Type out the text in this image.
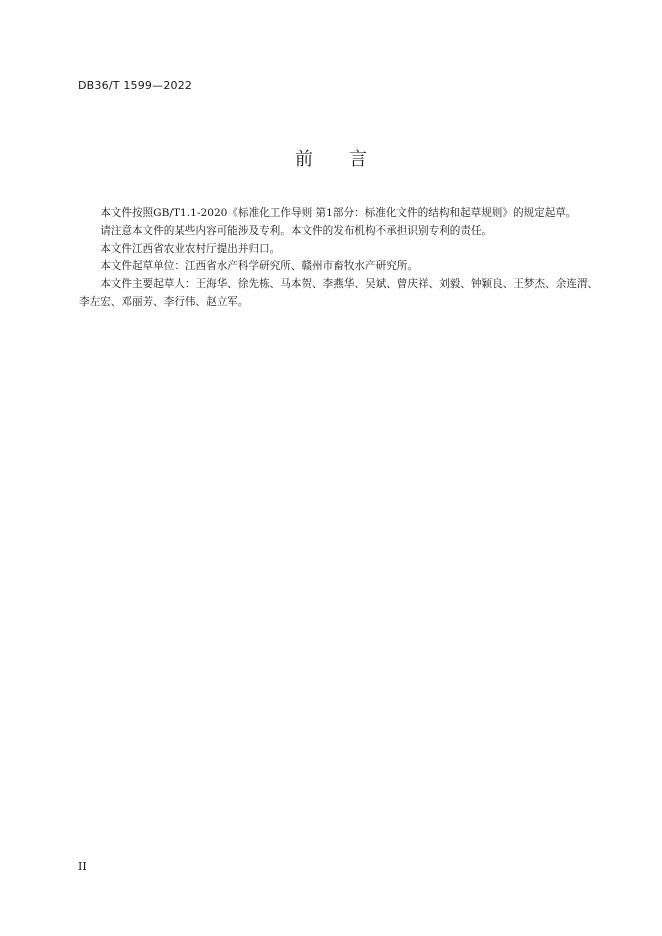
DB36/T 1599—2022
前 言

本文件按照GB/T1.1-2020《标准化工作导则 第1部分：标准化文件的结构和起草规则》的规定起草。

请注意本文件的某些内容可能涉及专利。本文件的发布机构不承担识别专利的责任。

本文件江西省农业农村厅提出并归口。

本文件起草单位：江西省水产科学研究所、赣州市畜牧水产研究所。

本文件主要起草人：王海华、徐先栋、马本贺、李燕华、吴斌、曾庆祥、刘毅、钟颖良、王梦杰、余连渭、李左宏、邓丽芳、李行伟、赵立军。

II
